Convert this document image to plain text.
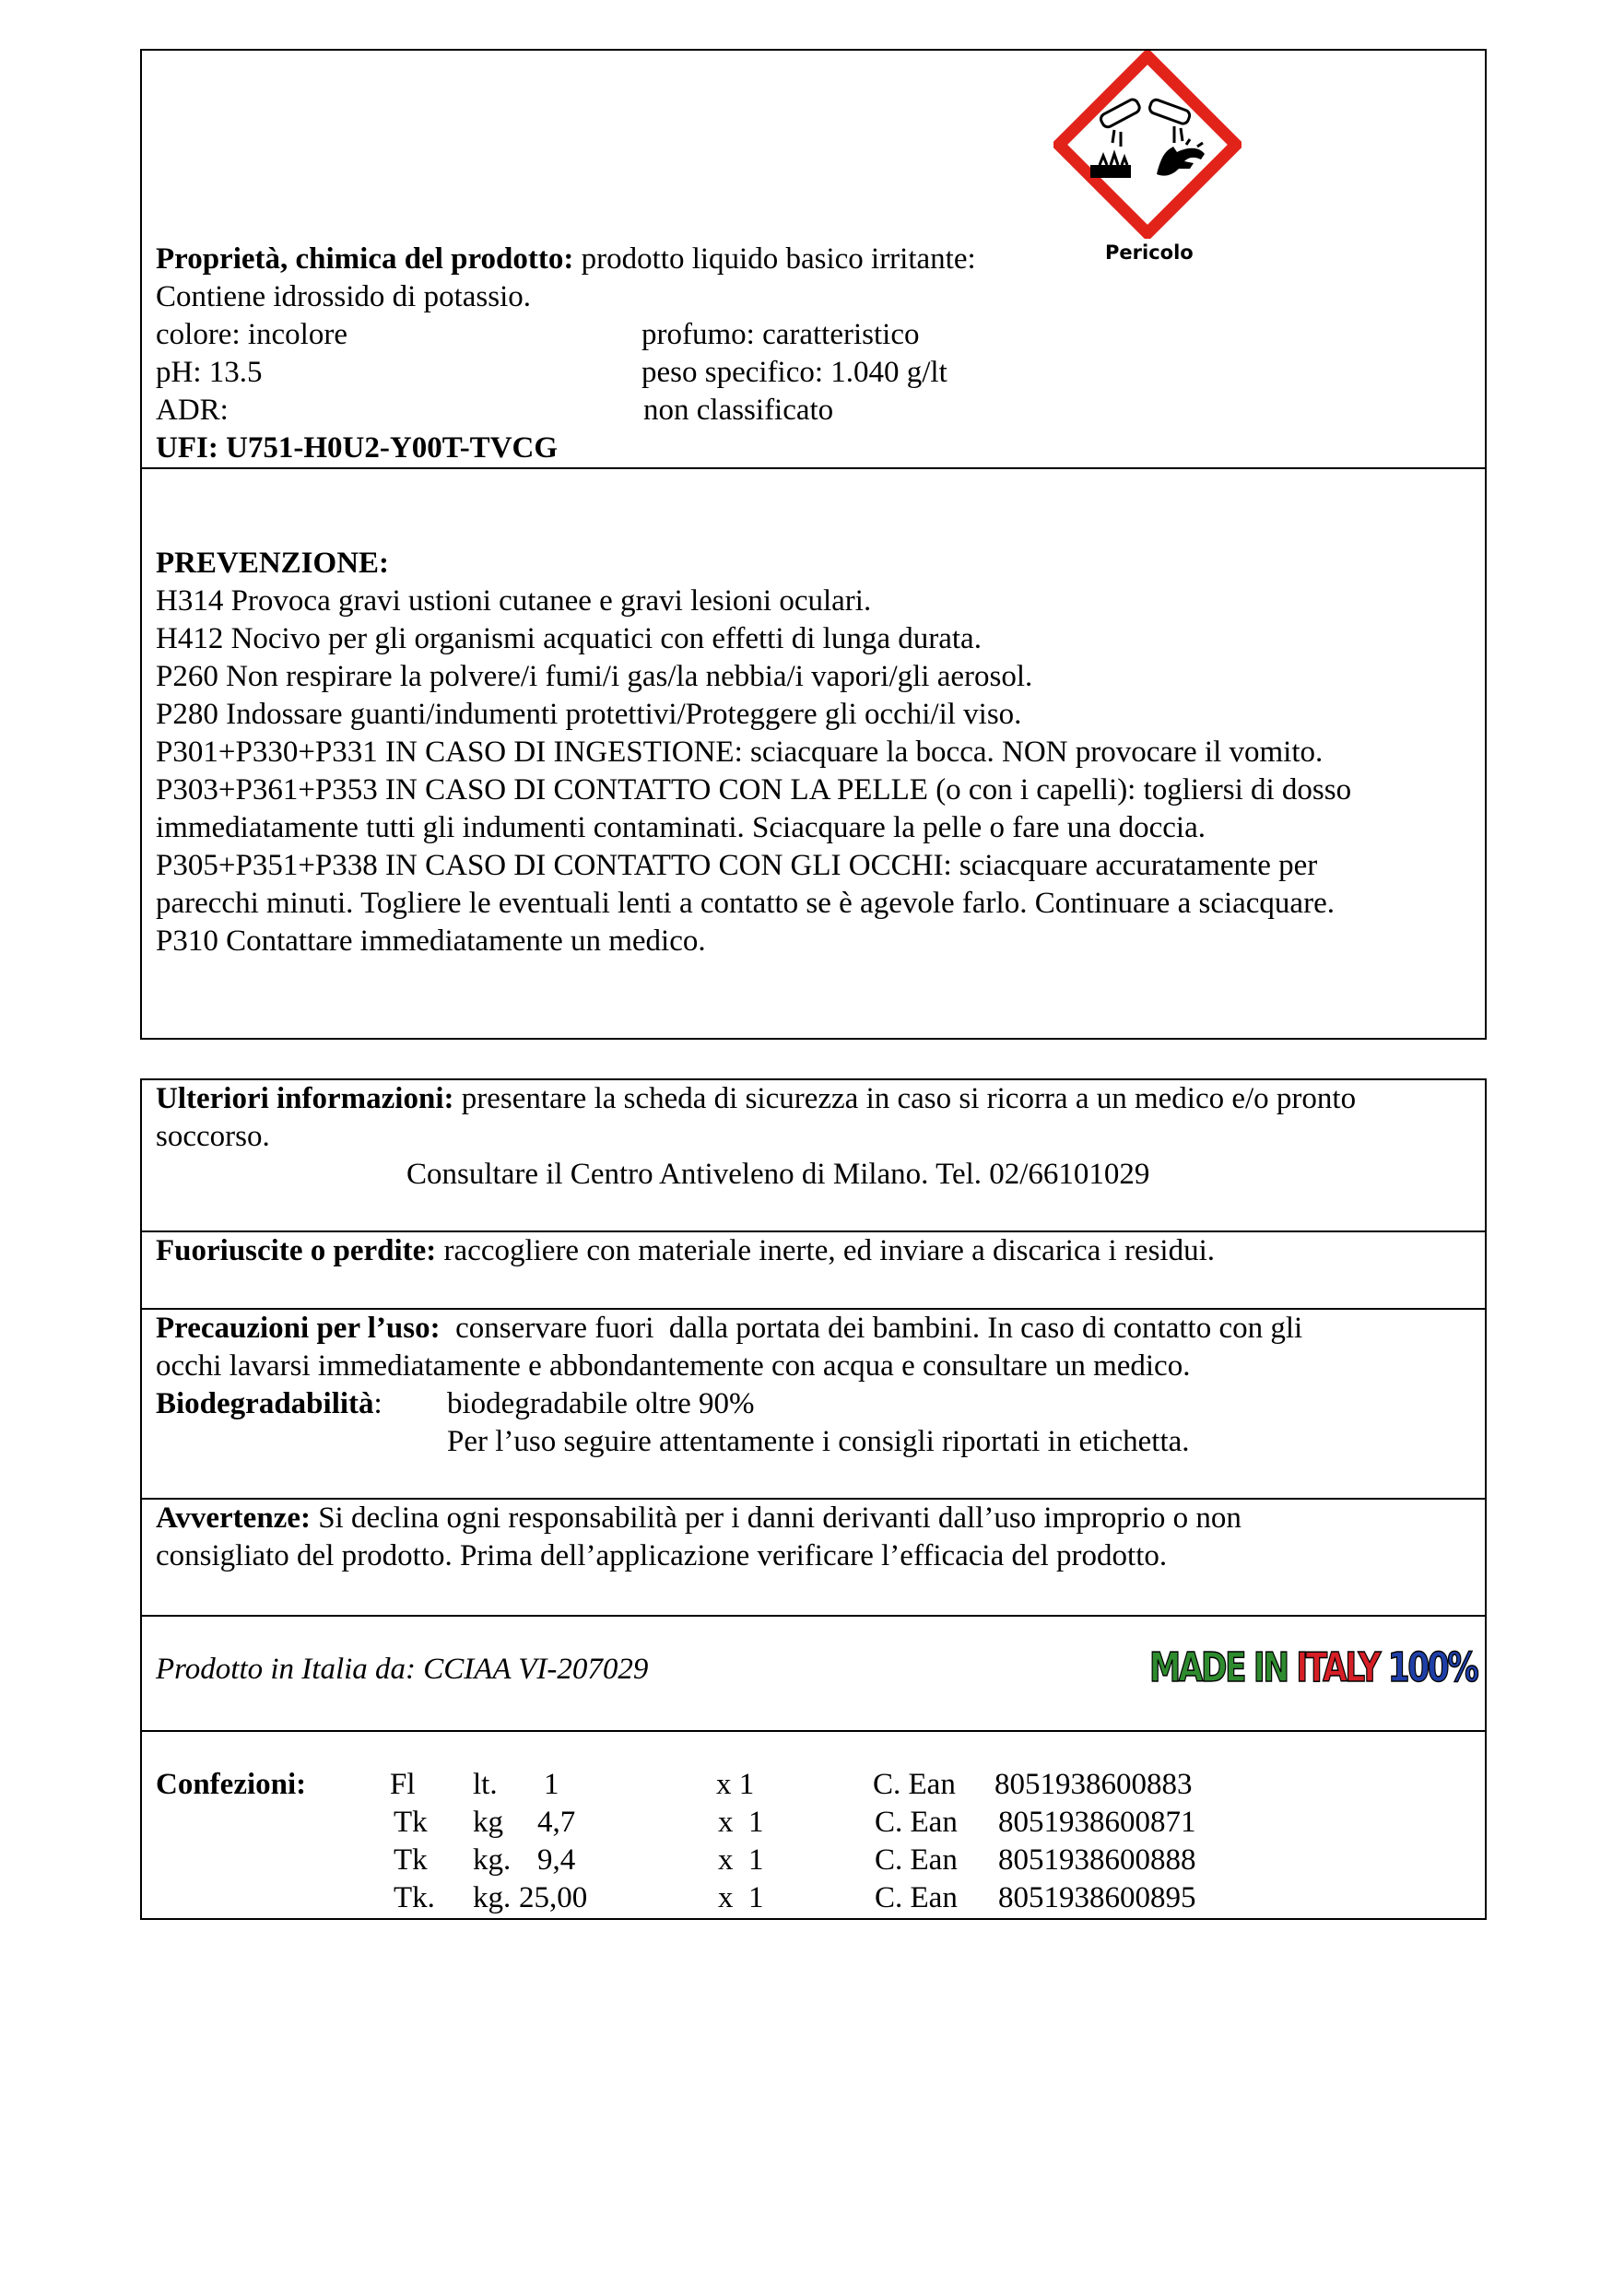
Pericolo
Proprietà, chimica del prodotto: prodotto liquido basico irritante:
Contiene idrossido di potassio.
colore: incolore	profumo: caratteristico
pH: 13.5	peso specifico: 1.040 g/lt
ADR:	non classificato
UFI: U751-H0U2-Y00T-TVCG
PREVENZIONE:
H314 Provoca gravi ustioni cutanee e gravi lesioni oculari.
H412 Nocivo per gli organismi acquatici con effetti di lunga durata.
P260 Non respirare la polvere/i fumi/i gas/la nebbia/i vapori/gli aerosol.
P280 Indossare guanti/indumenti protettivi/Proteggere gli occhi/il viso.
P301+P330+P331 IN CASO DI INGESTIONE: sciacquare la bocca. NON provocare il vomito.
P303+P361+P353 IN CASO DI CONTATTO CON LA PELLE (o con i capelli): togliersi di dosso
immediatamente tutti gli indumenti contaminati. Sciacquare la pelle o fare una doccia.
P305+P351+P338 IN CASO DI CONTATTO CON GLI OCCHI: sciacquare accuratamente per
parecchi minuti. Togliere le eventuali lenti a contatto se è agevole farlo. Continuare a sciacquare.
P310 Contattare immediatamente un medico.
Ulteriori informazioni: presentare la scheda di sicurezza in caso si ricorra a un medico e/o pronto
soccorso.
Consultare il Centro Antiveleno di Milano. Tel. 02/66101029
Fuoriuscite o perdite: raccogliere con materiale inerte, ed inviare a discarica i residui.
Precauzioni per l’uso:  conservare fuori  dalla portata dei bambini. In caso di contatto con gli
occhi lavarsi immediatamente e abbondantemente con acqua e consultare un medico.
Biodegradabilità: biodegradabile oltre 90%
Per l’uso seguire attentamente i consigli riportati in etichetta.
Avvertenze: Si declina ogni responsabilità per i danni derivanti dall’uso improprio o non
consigliato del prodotto. Prima dell’applicazione verificare l’efficacia del prodotto.
Prodotto in Italia da: CCIAA VI-207029	MADE IN ITALY 100%
Confezioni:	Fl lt. 1	x 1	C. Ean 8051938600883
Tk kg 4,7	x  1	C. Ean 8051938600871
Tk kg. 9,4	x  1	C. Ean 8051938600888
Tk. kg. 25,00	x  1	C. Ean 8051938600895
